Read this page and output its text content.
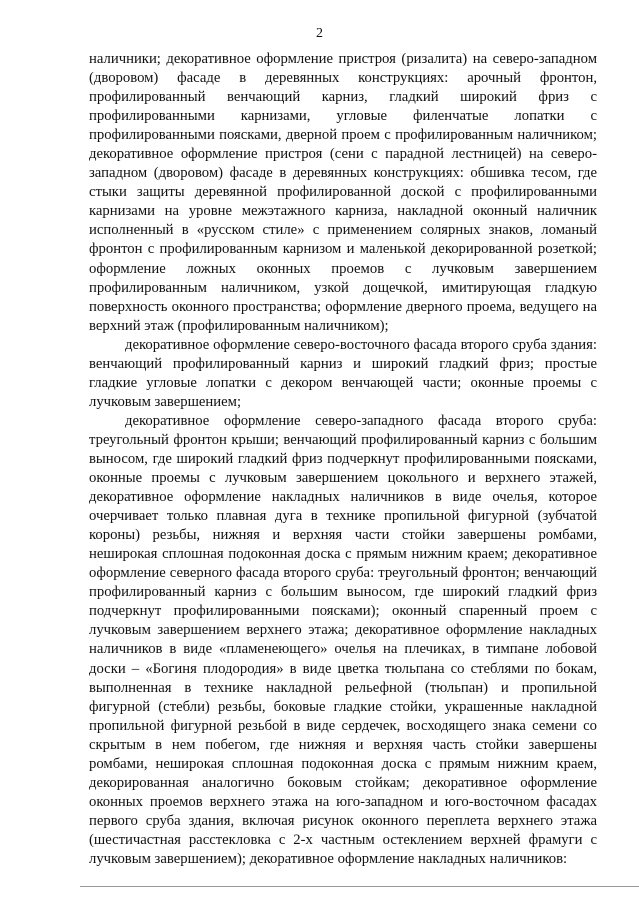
2

наличники; декоративное оформление пристроя (ризалита) на северо-западном (дворовом) фасаде в деревянных конструкциях: арочный фронтон, профилированный венчающий карниз, гладкий широкий фриз с профилированными карнизами, угловые филенчатые лопатки с профилированными поясками, дверной проем с профилированным наличником; декоративное оформление пристроя (сени с парадной лестницей) на северо-западном (дворовом) фасаде в деревянных конструкциях: обшивка тесом, где стыки защиты деревянной профилированной доской с профилированными карнизами на уровне межэтажного карниза, накладной оконный наличник исполненный в «русском стиле» с применением солярных знаков, ломаный фронтон с профилированным карнизом и маленькой декорированной розеткой; оформление ложных оконных проемов с лучковым завершением профилированным наличником, узкой дощечкой, имитирующая гладкую поверхность оконного пространства; оформление дверного проема, ведущего на верхний этаж (профилированным наличником);

декоративное оформление северо-восточного фасада второго сруба здания: венчающий профилированный карниз и широкий гладкий фриз; простые гладкие угловые лопатки с декором венчающей части; оконные проемы с лучковым завершением;

декоративное оформление северо-западного фасада второго сруба: треугольный фронтон крыши; венчающий профилированный карниз с большим выносом, где широкий гладкий фриз подчеркнут профилированными поясками, оконные проемы с лучковым завершением цокольного и верхнего этажей, декоративное оформление накладных наличников в виде очелья, которое очерчивает только плавная дуга в технике пропильной фигурной (зубчатой короны) резьбы, нижняя и верхняя части стойки завершены ромбами, неширокая сплошная подоконная доска с прямым нижним краем; декоративное оформление северного фасада второго сруба: треугольный фронтон; венчающий профилированный карниз с большим выносом, где широкий гладкий фриз подчеркнут профилированными поясками); оконный спаренный проем с лучковым завершением верхнего этажа; декоративное оформление накладных наличников в виде «пламенеющего» очелья на плечиках, в тимпане лобовой доски – «Богиня плодородия» в виде цветка тюльпана со стеблями по бокам, выполненная в технике накладной рельефной (тюльпан) и пропильной фигурной (стебли) резьбы, боковые гладкие стойки, украшенные накладной пропильной фигурной резьбой в виде сердечек, восходящего знака семени со скрытым в нем побегом, где нижняя и верхняя часть стойки завершены ромбами, неширокая сплошная подоконная доска с прямым нижним краем, декорированная аналогично боковым стойкам; декоративное оформление оконных проемов верхнего этажа на юго-западном и юго-восточном фасадах первого сруба здания, включая рисунок оконного переплета верхнего этажа (шестичастная расстекловка с 2-х частным остеклением верхней фрамуги с лучковым завершением); декоративное оформление накладных наличников:
